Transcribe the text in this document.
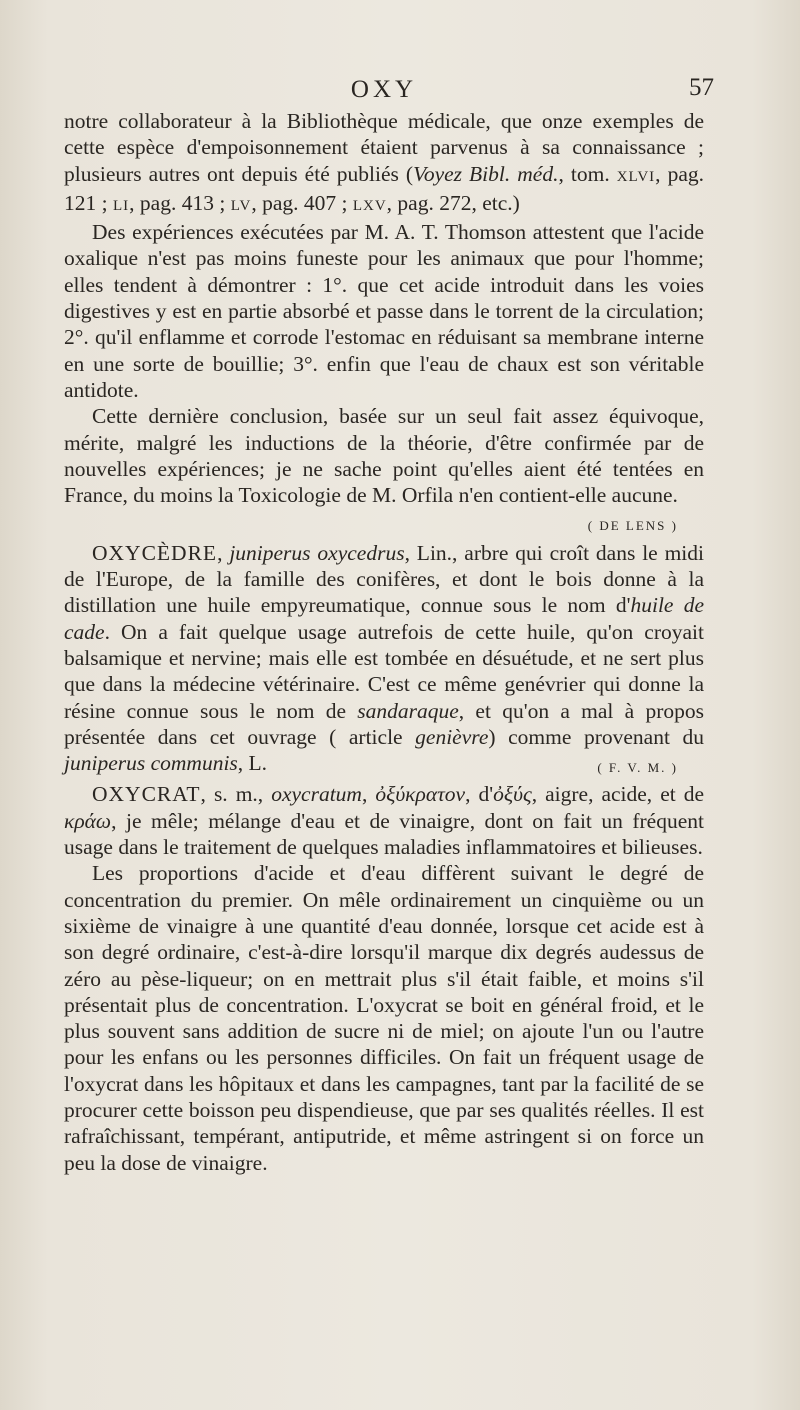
OXY	57

notre collaborateur à la Bibliothèque médicale, que onze exemples de cette espèce d'empoisonnement étaient parvenus à sa connaissance ; plusieurs autres ont depuis été publiés (Voyez Bibl. méd., tom. XLVI, pag. 121 ; LI, pag. 413 ; LV, pag. 407 ; LXV, pag. 272, etc.)

Des expériences exécutées par M. A. T. Thomson attestent que l'acide oxalique n'est pas moins funeste pour les animaux que pour l'homme; elles tendent à démontrer : 1°. que cet acide introduit dans les voies digestives y est en partie absorbé et passe dans le torrent de la circulation; 2°. qu'il enflamme et corrode l'estomac en réduisant sa membrane interne en une sorte de bouillie; 3°. enfin que l'eau de chaux est son véritable antidote.

Cette dernière conclusion, basée sur un seul fait assez équivoque, mérite, malgré les inductions de la théorie, d'être confirmée par de nouvelles expériences; je ne sache point qu'elles aient été tentées en France, du moins la Toxicologie de M. Orfila n'en contient-elle aucune.
( DE LENS )

OXYCÈDRE, juniperus oxycedrus, Lin., arbre qui croît dans le midi de l'Europe, de la famille des conifères, et dont le bois donne à la distillation une huile empyreumatique, connue sous le nom d'huile de cade. On a fait quelque usage autrefois de cette huile, qu'on croyait balsamique et nervine; mais elle est tombée en désuétude, et ne sert plus que dans la médecine vétérinaire. C'est ce même genévrier qui donne la résine connue sous le nom de sandaraque, et qu'on a mal à propos présentée dans cet ouvrage ( article genièvre) comme provenant du juniperus communis, L.
(	F. V. M. )

OXYCRAT, s. m., oxycratum, ὀξύκρατον, d'ὀξύς, aigre, acide, et de κράω, je mêle; mélange d'eau et de vinaigre, dont on fait un fréquent usage dans le traitement de quelques maladies inflammatoires et bilieuses.

Les proportions d'acide et d'eau diffèrent suivant le degré de concentration du premier. On mêle ordinairement un cinquième ou un sixième de vinaigre à une quantité d'eau donnée, lorsque cet acide est à son degré ordinaire, c'est-à-dire lorsqu'il marque dix degrés audessus de zéro au pèse-liqueur; on en mettrait plus s'il était faible, et moins s'il présentait plus de concentration. L'oxycrat se boit en général froid, et le plus souvent sans addition de sucre ni de miel; on ajoute l'un ou l'autre pour les enfans ou les personnes difficiles. On fait un fréquent usage de l'oxycrat dans les hôpitaux et dans les campagnes, tant par la facilité de se procurer cette boisson peu dispendieuse, que par ses qualités réelles. Il est rafraîchissant, tempérant, antiputride, et même astringent si on force un peu la dose de vinaigre.
